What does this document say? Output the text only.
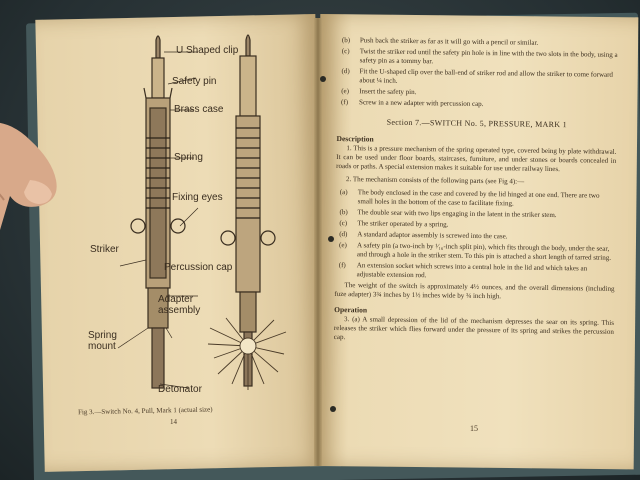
U Shaped clip
Safety pin
Brass case
Spring
Fixing eyes
Striker
Percussion cap
Adapter
assembly
Spring
mount
Detonator
Fig 3.—Switch No. 4, Pull, Mark 1 (actual size)
14
(b) Push back the striker as far as it will go with a pencil or similar.
(c) Twist the striker rod until the safety pin hole is in line with the two slots in the body, using a safety pin as a tommy bar.
(d) Fit the U-shaped clip over the ball-end of striker rod and allow the striker to come forward about ¼ inch.
(e) Insert the safety pin.
(f) Screw in a new adapter with percussion cap.
Section 7.—SWITCH No. 5, PRESSURE, MARK 1
Description
1. This is a pressure mechanism of the spring operated type, covered being by plate withdrawal. It can be used under floor boards, staircases, furniture, and under stones or boards concealed in roads or paths. A special extension makes it suitable for use under railway lines.
2. The mechanism consists of the following parts (see Fig 4):—
(a) The body enclosed in the case and covered by the lid hinged at one end. There are two small holes in the bottom of the case to facilitate fixing.
(b) The double sear with two lips engaging in the latent in the striker stem.
(c) The striker operated by a spring.
(d) A standard adaptor assembly is screwed into the case.
(e) A safety pin (a two-inch by ¹⁄₁₆-inch split pin), which fits through the body, under the sear, and through a hole in the striker stem. To this pin is attached a short length of tarred string.
(f) An extension socket which screws into a central hole in the lid and which takes an adjustable extension rod.
The weight of the switch is approximately 4½ ounces, and the overall dimensions (including fuze adapter) 3¾ inches by 1½ inches wide by ¾ inch high.
Operation
3. (a) A small depression of the lid of the mechanism depresses the sear on its spring. This releases the striker which flies forward under the pressure of its spring and strikes the percussion cap.
15
